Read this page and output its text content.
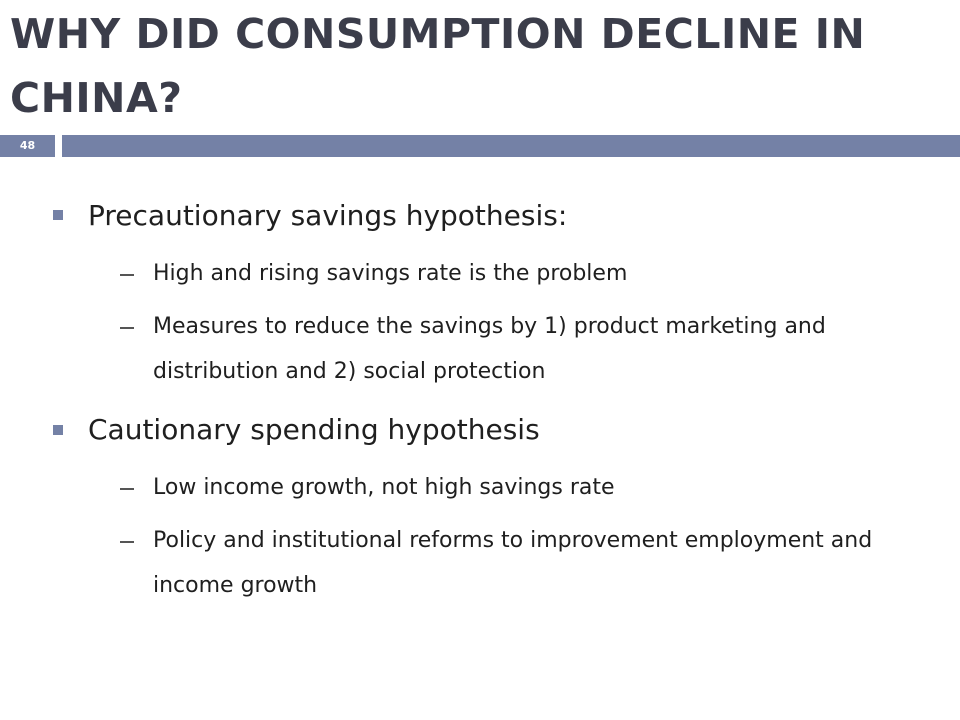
WHY DID CONSUMPTION DECLINE IN CHINA?
48
Precautionary savings hypothesis:
High and rising savings rate is the problem
Measures to reduce the savings by 1) product marketing and distribution and 2) social protection
Cautionary spending hypothesis
Low income growth, not high savings rate
Policy and institutional reforms to improvement employment and income growth
